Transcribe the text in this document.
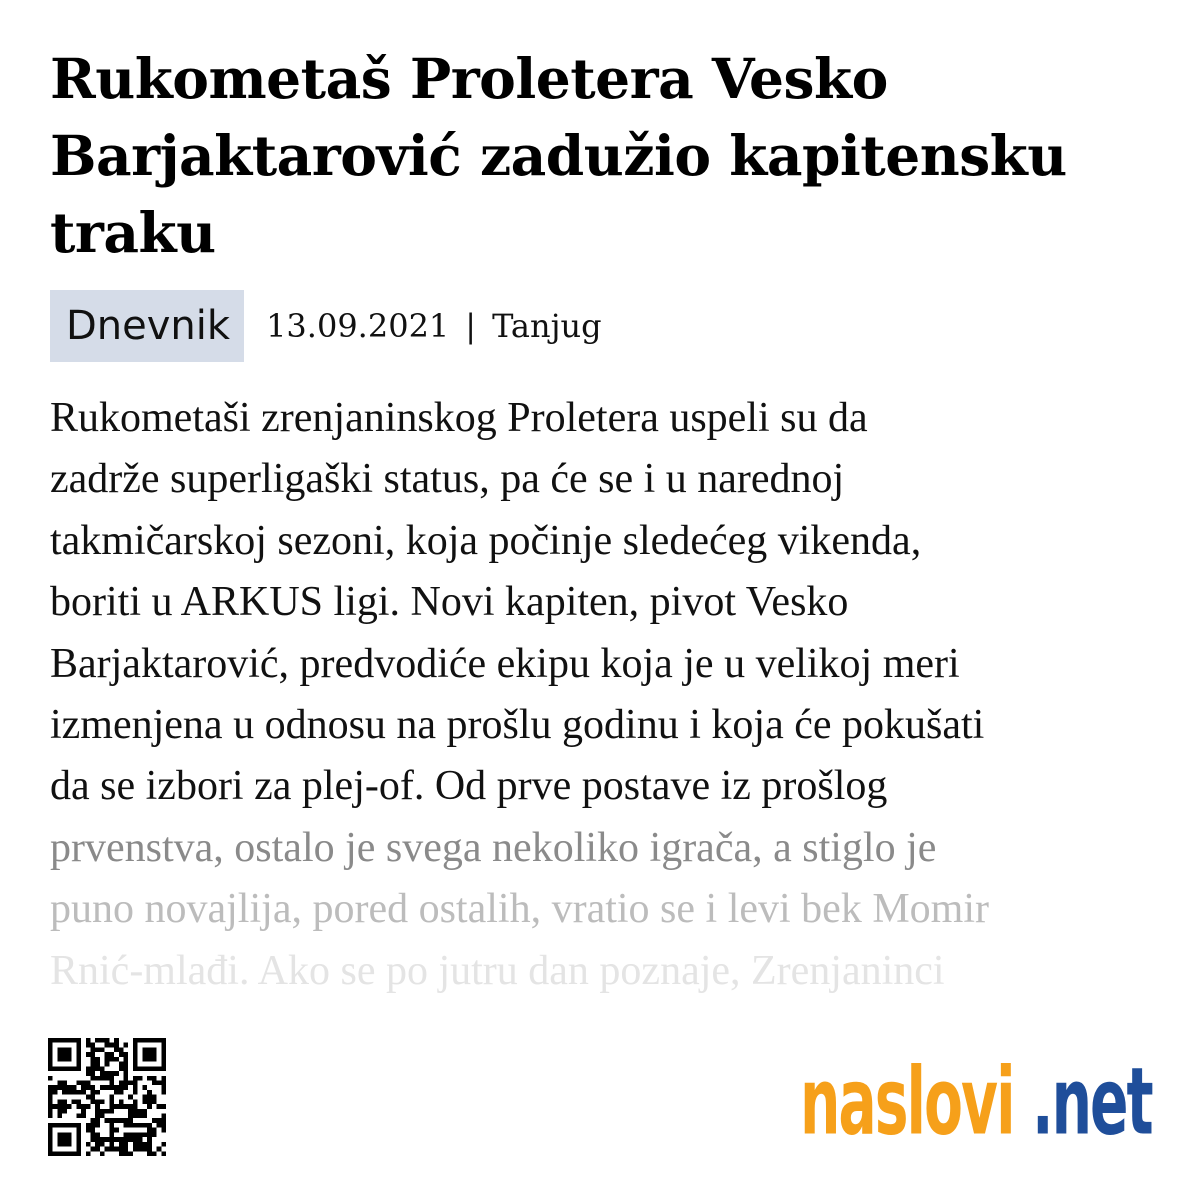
Rukometaš Proletera Vesko Barjaktarović zadužio kapitensku traku
Dnevnik	13.09.2021 | Tanjug
Rukometaši zrenjaninskog Proletera uspeli su da
zadrže superligaški status, pa će se i u narednoj
takmičarskoj sezoni, koja počinje sledećeg vikenda,
boriti u ARKUS ligi. Novi kapiten, pivot Vesko
Barjaktarović, predvodiće ekipu koja je u velikoj meri
izmenjena u odnosu na prošlu godinu i koja će pokušati
da se izbori za plej-of. Od prve postave iz prošlog
prvenstva, ostalo je svega nekoliko igrača, a stiglo je
puno novajlija, pored ostalih, vratio se i levi bek Momir
Rnić-mlađi. Ako se po jutru dan poznaje, Zrenjaninci
naslovi .net
